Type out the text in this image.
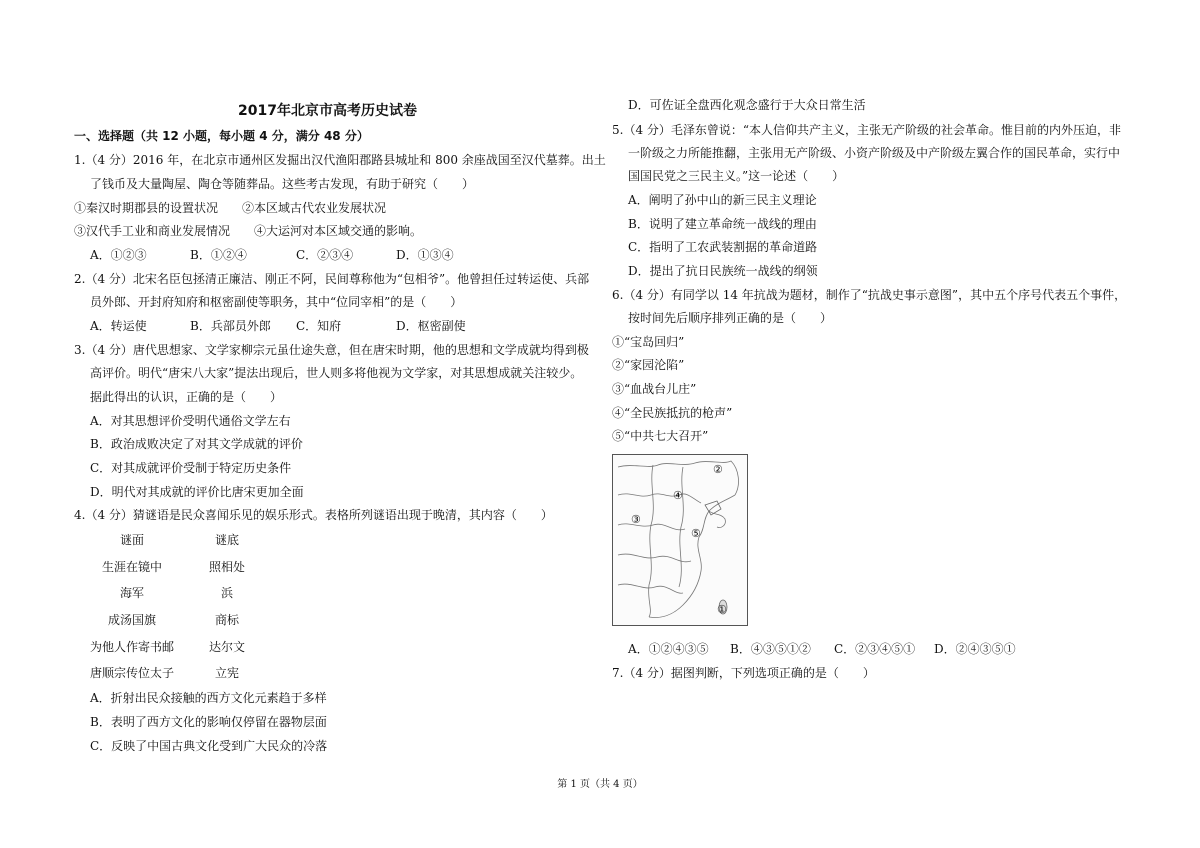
2017年北京市高考历史试卷
一、选择题（共 12 小题，每小题 4 分，满分 48 分）
1.（4 分）2016 年，在北京市通州区发掘出汉代渔阳郡路县城址和 800 余座战国至汉代墓葬。出土
了钱币及大量陶屋、陶仓等随葬品。这些考古发现，有助于研究（　　）
①秦汉时期郡县的设置状况　　②本区域古代农业发展状况
③汉代手工业和商业发展情况　　④大运河对本区域交通的影响。
A．①②③	B．①②④	C．②③④	D．①③④
2.（4 分）北宋名臣包拯清正廉洁、刚正不阿，民间尊称他为“包相爷”。他曾担任过转运使、兵部
员外郎、开封府知府和枢密副使等职务，其中“位同宰相”的是（　　）
A．转运使	B．兵部员外郎 C．知府	D．枢密副使
3.（4 分）唐代思想家、文学家柳宗元虽仕途失意，但在唐宋时期，他的思想和文学成就均得到极
高评价。明代“唐宋八大家”提法出现后，世人则多将他视为文学家，对其思想成就关注较少。
据此得出的认识，正确的是（　　）
A．对其思想评价受明代通俗文学左右
B．政治成败决定了对其文学成就的评价
C．对其成就评价受制于特定历史条件
D．明代对其成就的评价比唐宋更加全面
4.（4 分）猜谜语是民众喜闻乐见的娱乐形式。表格所列谜语出现于晚清，其内容（　　）
谜面	谜底
生涯在镜中	照相处
海军	浜
成汤国旗	商标
为他人作寄书邮	达尔文
唐顺宗传位太子	立宪
A．折射出民众接触的西方文化元素趋于多样
B．表明了西方文化的影响仅停留在器物层面
C．反映了中国古典文化受到广大民众的冷落
D．可佐证全盘西化观念盛行于大众日常生活
5.（4 分）毛泽东曾说：“本人信仰共产主义，主张无产阶级的社会革命。惟目前的内外压迫，非
一阶级之力所能推翻，主张用无产阶级、小资产阶级及中产阶级左翼合作的国民革命，实行中
国国民党之三民主义。”这一论述（　　）
A．阐明了孙中山的新三民主义理论
B．说明了建立革命统一战线的理由
C．指明了工农武装割据的革命道路
D．提出了抗日民族统一战线的纲领
6.（4 分）有同学以 14 年抗战为题材，制作了“抗战史事示意图”，其中五个序号代表五个事件，
按时间先后顺序排列正确的是（　　）
①“宝岛回归”
②“家园沦陷”
③“血战台儿庄”
④“全民族抵抗的枪声”
⑤“中共七大召开”
②
④
③
⑤
①
A．①②④③⑤ B．④③⑤①② C．②③④⑤① D．②④③⑤①
7.（4 分）据图判断，下列选项正确的是（　　）
第 1 页（共 4 页）
